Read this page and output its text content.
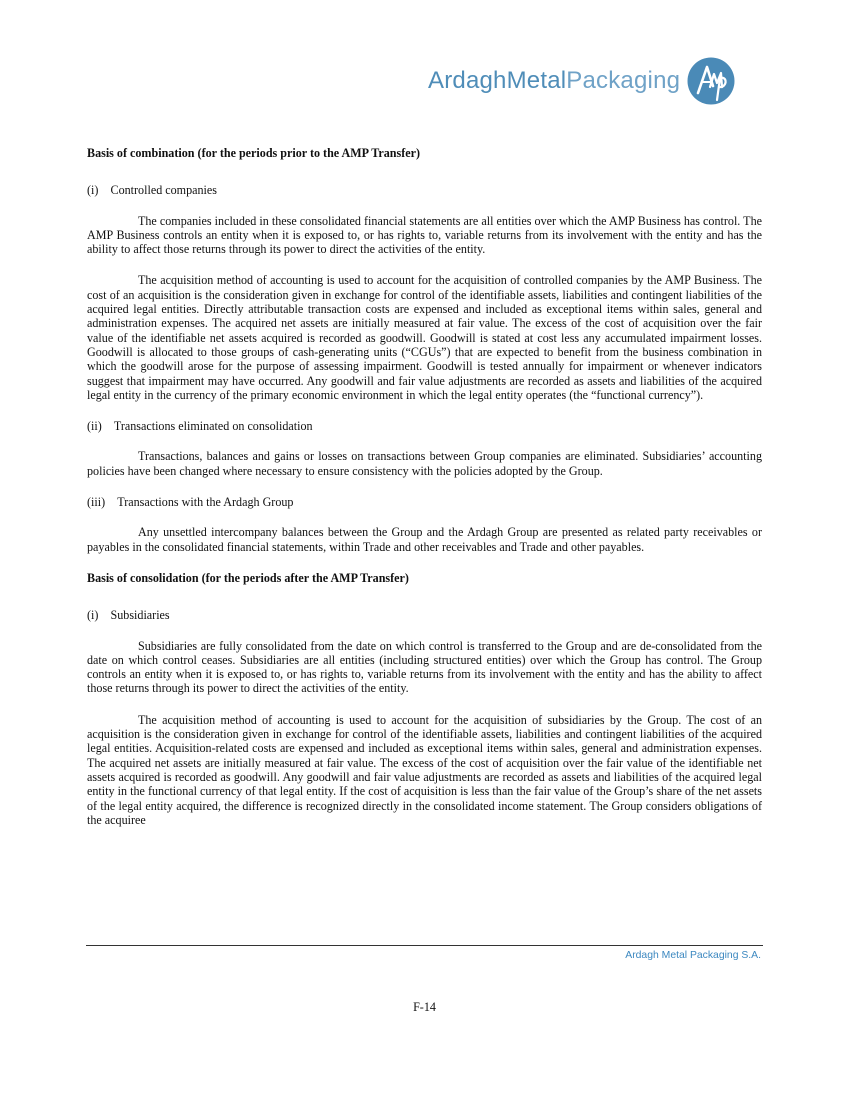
ArdaghMetalPackaging

Basis of combination (for the periods prior to the AMP Transfer)

(i) Controlled companies

The companies included in these consolidated financial statements are all entities over which the AMP Business has control. The AMP Business controls an entity when it is exposed to, or has rights to, variable returns from its involvement with the entity and has the ability to affect those returns through its power to direct the activities of the entity.

The acquisition method of accounting is used to account for the acquisition of controlled companies by the AMP Business. The cost of an acquisition is the consideration given in exchange for control of the identifiable assets, liabilities and contingent liabilities of the acquired legal entities. Directly attributable transaction costs are expensed and included as exceptional items within sales, general and administration expenses. The acquired net assets are initially measured at fair value. The excess of the cost of acquisition over the fair value of the identifiable net assets acquired is recorded as goodwill. Goodwill is stated at cost less any accumulated impairment losses. Goodwill is allocated to those groups of cash-generating units (“CGUs”) that are expected to benefit from the business combination in which the goodwill arose for the purpose of assessing impairment. Goodwill is tested annually for impairment or whenever indicators suggest that impairment may have occurred. Any goodwill and fair value adjustments are recorded as assets and liabilities of the acquired legal entity in the currency of the primary economic environment in which the legal entity operates (the “functional currency”).

(ii) Transactions eliminated on consolidation

Transactions, balances and gains or losses on transactions between Group companies are eliminated. Subsidiaries’ accounting policies have been changed where necessary to ensure consistency with the policies adopted by the Group.

(iii) Transactions with the Ardagh Group

Any unsettled intercompany balances between the Group and the Ardagh Group are presented as related party receivables or payables in the consolidated financial statements, within Trade and other receivables and Trade and other payables.

Basis of consolidation (for the periods after the AMP Transfer)

(i) Subsidiaries

Subsidiaries are fully consolidated from the date on which control is transferred to the Group and are de-consolidated from the date on which control ceases. Subsidiaries are all entities (including structured entities) over which the Group has control. The Group controls an entity when it is exposed to, or has rights to, variable returns from its involvement with the entity and has the ability to affect those returns through its power to direct the activities of the entity.

The acquisition method of accounting is used to account for the acquisition of subsidiaries by the Group. The cost of an acquisition is the consideration given in exchange for control of the identifiable assets, liabilities and contingent liabilities of the acquired legal entities. Acquisition-related costs are expensed and included as exceptional items within sales, general and administration expenses. The acquired net assets are initially measured at fair value. The excess of the cost of acquisition over the fair value of the identifiable net assets acquired is recorded as goodwill. Any goodwill and fair value adjustments are recorded as assets and liabilities of the acquired legal entity in the functional currency of that legal entity. If the cost of acquisition is less than the fair value of the Group’s share of the net assets of the legal entity acquired, the difference is recognized directly in the consolidated income statement. The Group considers obligations of the acquiree

Ardagh Metal Packaging S.A.
F-14
